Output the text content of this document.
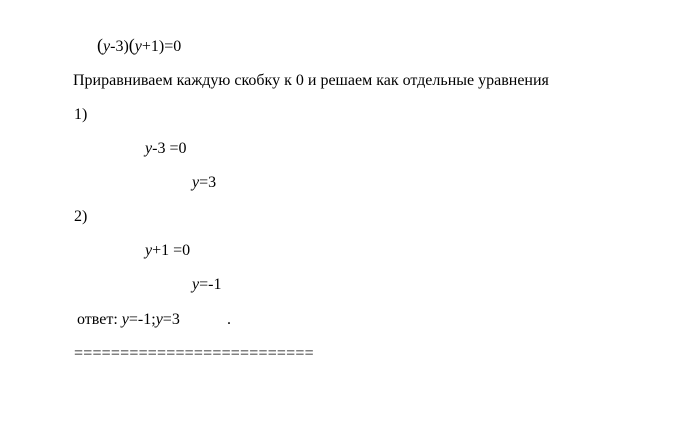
(y-3)(y+1)=0
Приравниваем каждую скобку к 0 и решаем как отдельные уравнения
1)
y-3 =0
y=3
2)
y+1 =0
y=-1
ответ: y=-1;y=3	.
==========================
